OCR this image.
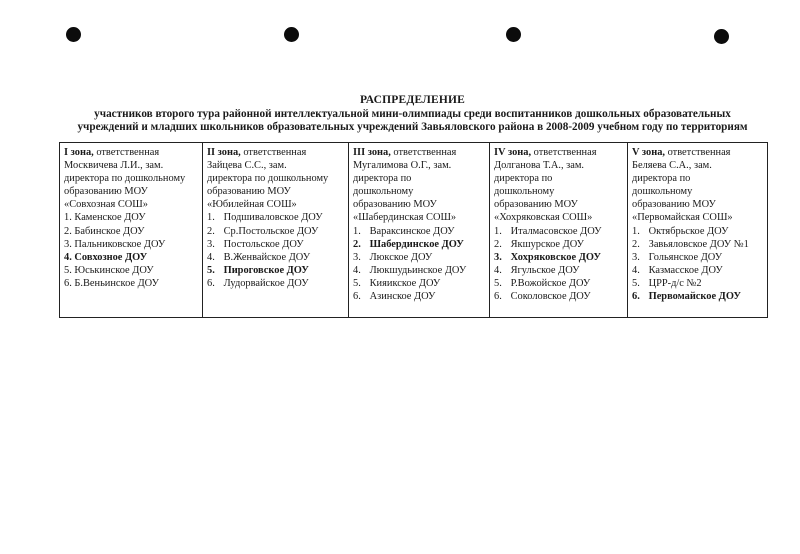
РАСПРЕДЕЛЕНИЕ
участников второго тура районной интеллектуальной мини-олимпиады среди воспитанников дошкольных образовательных
учреждений и младших школьников образовательных учреждений Завьяловского района в 2008-2009 учебном году по территориям
I зона, ответственная
Москвичева Л.И., зам.
директора по дошкольному
образованию МОУ
«Совхозная СОШ»
1. Каменское ДОУ
2. Бабинское ДОУ
3. Пальниковское ДОУ
4. Совхозное ДОУ
5. Юськинское ДОУ
6. Б.Веньинское ДОУ

II зона, ответственная
Зайцева С.С., зам.
директора по дошкольному
образованию МОУ
«Юбилейная СОШ»
1. Подшиваловское ДОУ
2. Ср.Постольское ДОУ
3. Постольское ДОУ
4. В.Женвайское ДОУ
5. Пироговское ДОУ
6. Лудорвайское ДОУ

III зона, ответственная
Мугалимова О.Г., зам.
директора по
дошкольному
образованию МОУ
«Шабердинская СОШ»
1. Вараксинское ДОУ
2. Шабердинское ДОУ
3. Люкское ДОУ
4. Люкшудьинское ДОУ
5. Кияикское ДОУ
6. Азинское ДОУ

IV зона, ответственная
Долганова Т.А., зам.
директора по
дошкольному
образованию МОУ
«Хохряковская СОШ»
1. Италмасовское ДОУ
2. Якшурское ДОУ
3. Хохряковское ДОУ
4. Ягульское ДОУ
5. Р.Вожойское ДОУ
6. Соколовское ДОУ

V зона, ответственная
Беляева С.А., зам.
директора по
дошкольному
образованию МОУ
«Первомайская СОШ»
1. Октябрьское ДОУ
2. Завьяловское ДОУ №1
3. Гольянское ДОУ
4. Казмасское ДОУ
5. ЦРР-д/с №2
6. Первомайское ДОУ
